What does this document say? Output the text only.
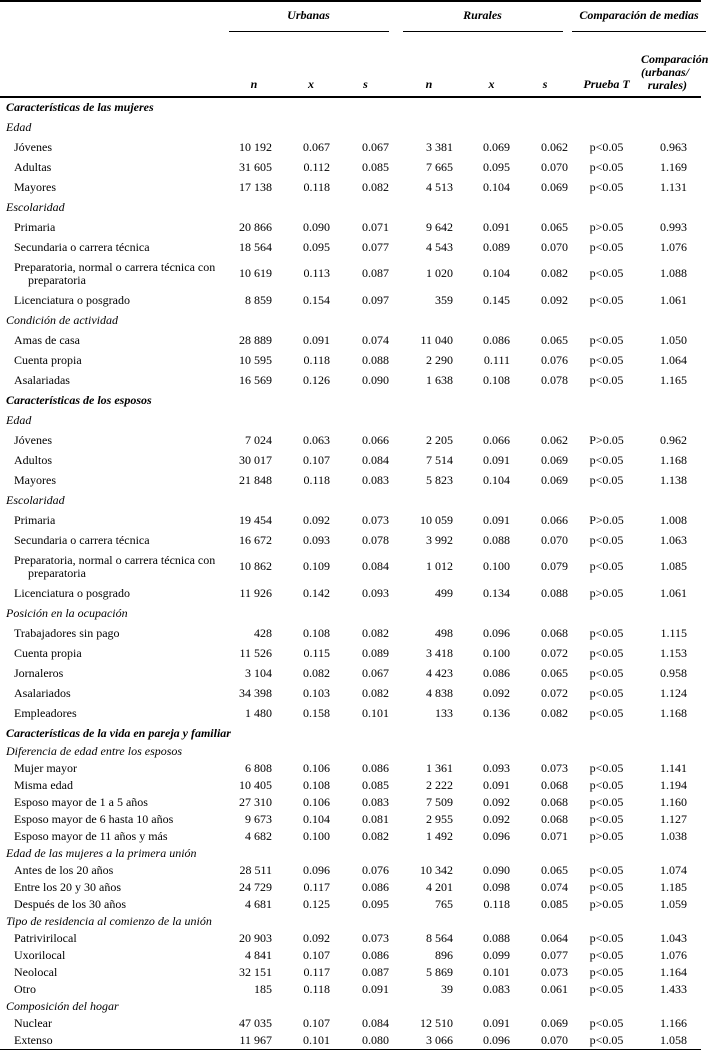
	Urbanas			Rurales			Comparación de medias	
	n	x	s	n	x	s	Prueba T	Comparación
(urbanas/
rurales)
Características de las mujeres								
Edad								
Jóvenes	10 192	0.067	0.067	3 381	0.069	0.062	p<0.05	0.963
Adultas	31 605	0.112	0.085	7 665	0.095	0.070	p<0.05	1.169
Mayores	17 138	0.118	0.082	4 513	0.104	0.069	p<0.05	1.131
Escolaridad								
Primaria	20 866	0.090	0.071	9 642	0.091	0.065	p>0.05	0.993
Secundaria o carrera técnica	18 564	0.095	0.077	4 543	0.089	0.070	p<0.05	1.076
Preparatoria, normal o carrera técnica con
preparatoria	10 619	0.113	0.087	1 020	0.104	0.082	p<0.05	1.088
Licenciatura o posgrado	8 859	0.154	0.097	359	0.145	0.092	p<0.05	1.061
Condición de actividad								
Amas de casa	28 889	0.091	0.074	11 040	0.086	0.065	p<0.05	1.050
Cuenta propia	10 595	0.118	0.088	2 290	0.111	0.076	p<0.05	1.064
Asalariadas	16 569	0.126	0.090	1 638	0.108	0.078	p<0.05	1.165
Características de los esposos								
Edad								
Jóvenes	7 024	0.063	0.066	2 205	0.066	0.062	P>0.05	0.962
Adultos	30 017	0.107	0.084	7 514	0.091	0.069	p<0.05	1.168
Mayores	21 848	0.118	0.083	5 823	0.104	0.069	p<0.05	1.138
Escolaridad								
Primaria	19 454	0.092	0.073	10 059	0.091	0.066	P>0.05	1.008
Secundaria o carrera técnica	16 672	0.093	0.078	3 992	0.088	0.070	p<0.05	1.063
Preparatoria, normal o carrera técnica con
preparatoria	10 862	0.109	0.084	1 012	0.100	0.079	p<0.05	1.085
Licenciatura o posgrado	11 926	0.142	0.093	499	0.134	0.088	p>0.05	1.061
Posición en la ocupación								
Trabajadores sin pago	428	0.108	0.082	498	0.096	0.068	p<0.05	1.115
Cuenta propia	11 526	0.115	0.089	3 418	0.100	0.072	p<0.05	1.153
Jornaleros	3 104	0.082	0.067	4 423	0.086	0.065	p<0.05	0.958
Asalariados	34 398	0.103	0.082	4 838	0.092	0.072	p<0.05	1.124
Empleadores	1 480	0.158	0.101	133	0.136	0.082	p<0.05	1.168
Características de la vida en pareja y familiar								
Diferencia de edad entre los esposos								
Mujer mayor	6 808	0.106	0.086	1 361	0.093	0.073	p<0.05	1.141
Misma edad	10 405	0.108	0.085	2 222	0.091	0.068	p<0.05	1.194
Esposo mayor de 1 a 5 años	27 310	0.106	0.083	7 509	0.092	0.068	p<0.05	1.160
Esposo mayor de 6 hasta 10 años	9 673	0.104	0.081	2 955	0.092	0.068	p<0.05	1.127
Esposo mayor de 11 años y más	4 682	0.100	0.082	1 492	0.096	0.071	p>0.05	1.038
Edad de las mujeres a la primera unión								
Antes de los 20 años	28 511	0.096	0.076	10 342	0.090	0.065	p<0.05	1.074
Entre los 20 y 30 años	24 729	0.117	0.086	4 201	0.098	0.074	p<0.05	1.185
Después de los 30 años	4 681	0.125	0.095	765	0.118	0.085	p>0.05	1.059
Tipo de residencia al comienzo de la unión								
Patrivirilocal	20 903	0.092	0.073	8 564	0.088	0.064	p<0.05	1.043
Uxorilocal	4 841	0.107	0.086	896	0.099	0.077	p<0.05	1.076
Neolocal	32 151	0.117	0.087	5 869	0.101	0.073	p<0.05	1.164
Otro	185	0.118	0.091	39	0.083	0.061	p<0.05	1.433
Composición del hogar								
Nuclear	47 035	0.107	0.084	12 510	0.091	0.069	p<0.05	1.166
Extenso	11 967	0.101	0.080	3 066	0.096	0.070	p<0.05	1.058
